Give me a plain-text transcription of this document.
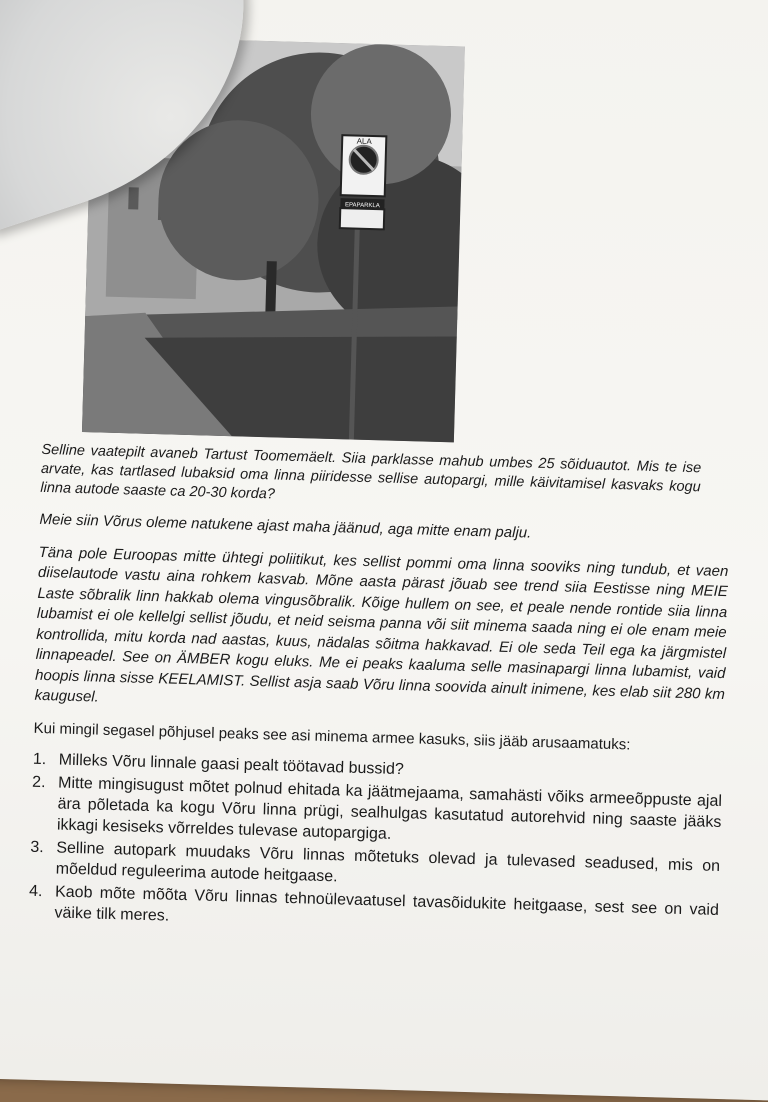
ALA
EPAPARKLA
Selline vaatepilt avaneb Tartust Toomemäelt. Siia parklasse mahub umbes 25 sõiduautot. Mis te ise arvate, kas tartlased lubaksid oma linna piiridesse sellise autopargi, mille käivitamisel kasvaks kogu linna autode saaste ca 20-30 korda?
Meie siin Võrus oleme natukene ajast maha jäänud, aga mitte enam palju.
Täna pole Euroopas mitte ühtegi poliitikut, kes sellist pommi oma linna sooviks ning tundub, et vaen diiselautode vastu aina rohkem kasvab. Mõne aasta pärast jõuab see trend siia Eestisse ning MEIE Laste sõbralik linn hakkab olema vingusõbralik. Kõige hullem on see, et peale nende rontide siia linna lubamist ei ole kellelgi sellist jõudu, et neid seisma panna või siit minema saada ning ei ole enam meie kontrollida, mitu korda nad aastas, kuus, nädalas sõitma hakkavad. Ei ole seda Teil ega ka järgmistel linnapeadel. See on ÄMBER kogu eluks. Me ei peaks kaaluma selle masinapargi linna lubamist, vaid hoopis linna sisse KEELAMIST. Sellist asja saab Võru linna soovida ainult inimene, kes elab siit 280 km kaugusel.
Kui mingil segasel põhjusel peaks see asi minema armee kasuks, siis jääb arusaamatuks:
1. Milleks Võru linnale gaasi pealt töötavad bussid?
2. Mitte mingisugust mõtet polnud ehitada ka jäätmejaama, samahästi võiks armeeõppuste ajal ära põletada ka kogu Võru linna prügi, sealhulgas kasutatud autorehvid ning saaste jääks ikkagi kesiseks võrreldes tulevase autopargiga.
3. Selline autopark muudaks Võru linnas mõtetuks olevad ja tulevased seadused, mis on mõeldud reguleerima autode heitgaase.
4. Kaob mõte mõõta Võru linnas tehnoülevaatusel tavasõidukite heitgaase, sest see on vaid väike tilk meres.
